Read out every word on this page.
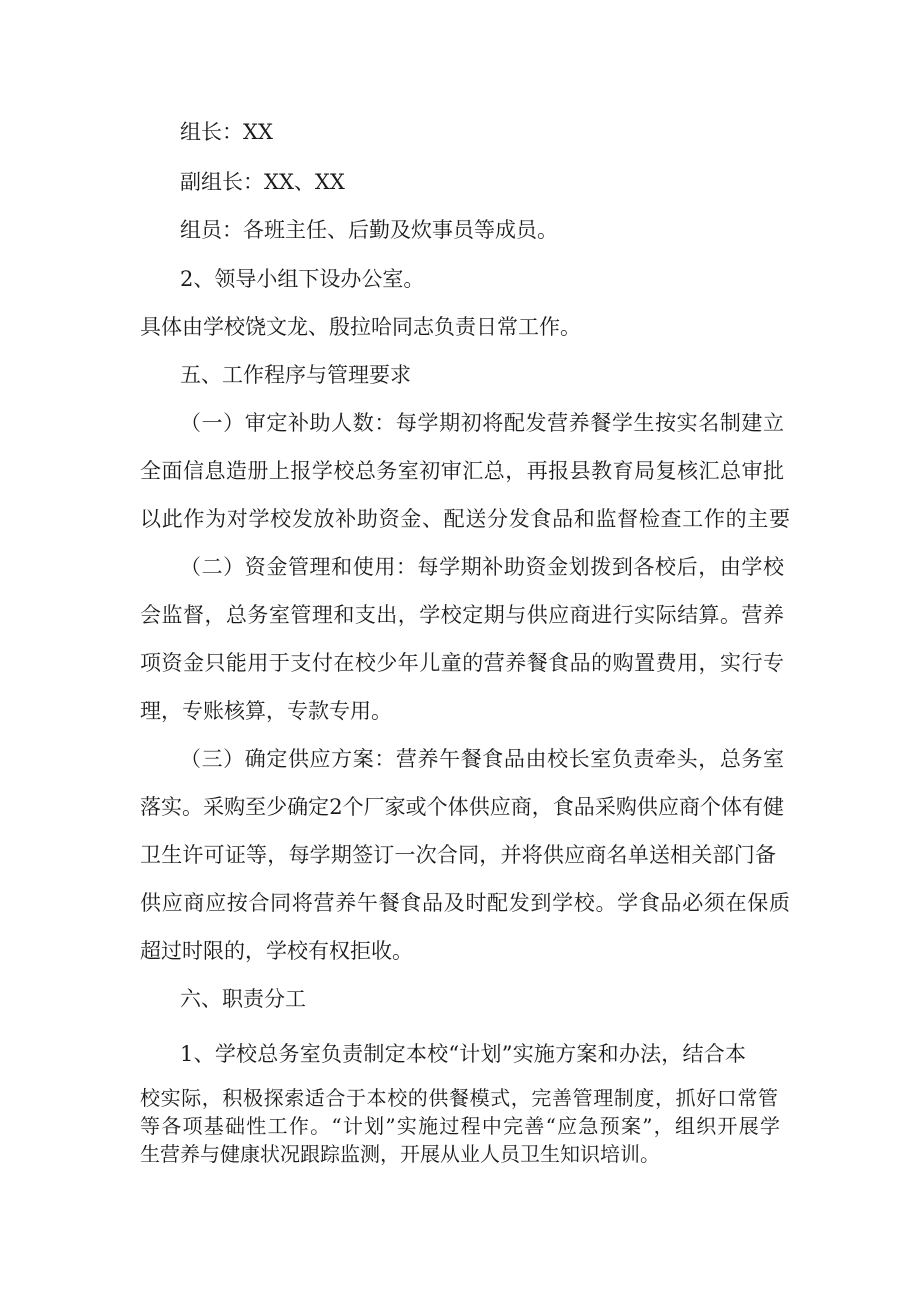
组长：XX
副组长：XX、XX
组员：各班主任、后勤及炊事员等成员。
2、领导小组下设办公室。
具体由学校饶文龙、殷拉哈同志负责日常工作。
五、工作程序与管理要求
（一）审定补助人数：每学期初将配发营养餐学生按实名制建立
全面信息造册上报学校总务室初审汇总，再报县教育局复核汇总审批
以此作为对学校发放补助资金、配送分发食品和监督检查工作的主要
（二）资金管理和使用：每学期补助资金划拨到各校后，由学校
会监督，总务室管理和支出，学校定期与供应商进行实际结算。营养
项资金只能用于支付在校少年儿童的营养餐食品的购置费用，实行专
理，专账核算，专款专用。
（三）确定供应方案：营养午餐食品由校长室负责牵头，总务室
落实。采购至少确定2个厂家或个体供应商，食品采购供应商个体有健
卫生许可证等，每学期签订一次合同，并将供应商名单送相关部门备
供应商应按合同将营养午餐食品及时配发到学校。学食品必须在保质
超过时限的，学校有权拒收。
六、职责分工
1、学校总务室负责制定本校“计划”实施方案和办法，结合本
校实际，积极探索适合于本校的供餐模式，完善管理制度，抓好口常管
等各项基础性工作。“计划”实施过程中完善“应急预案”，组织开展学
生营养与健康状况跟踪监测，开展从业人员卫生知识培训。
